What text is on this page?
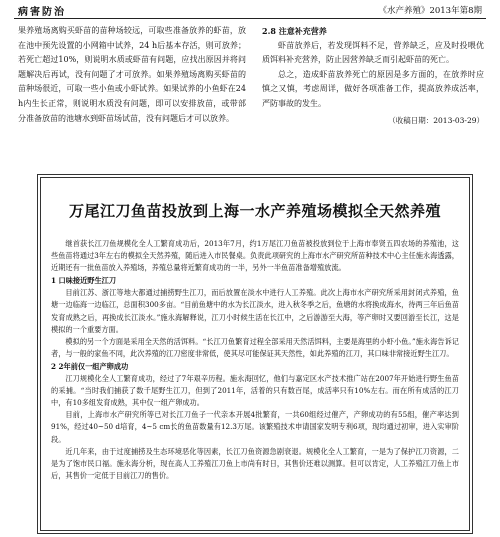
病害防治	《水产养殖》2013年第8期
果养殖场离购买虾苗的苗种场较远，可取些准备放养的虾苗，放在池中预先设置的小网箱中试养，24 h后基本存活，则可放养；若死亡超过10%，则说明水质或虾苗有问题，应找出原因并将问题解决后再试，没有问题了才可放养。如果养殖场离购买虾苗的苗种场很近，可取一些小鱼或小虾试养。如果试养的小鱼虾在24 h内生长正常，则说明水质没有问题，即可以安排放苗，或带部分准备放苗的池塘水到虾苗场试苗，没有问题后才可以放养。
2.8 注意补充营养

虾苗放养后，若发现饵料不足，营养缺乏，应及时投喂优质饵料补充营养，防止因营养缺乏而引起虾苗的死亡。

总之，造成虾苗放养死亡的原因是多方面的，在放养时应慎之又慎，考虑周详，做好各项准备工作，提高放养成活率，严防事故的发生。

（收稿日期：2013-03-29）
万尾江刀鱼苗投放到上海一水产养殖场模拟全天然养殖

继首获长江刀鱼规模化全人工繁育成功后，2013年7月，约1万尾江刀鱼苗被投放到位于上海市奉贤五四农场的养殖池，这些鱼苗将通过3年左右的模拟全天然养殖，随后进入市民餐桌。负责此项研究的上海市水产研究所苗种技术中心主任施永海透露，近期还有一批鱼苗放入养殖场，养殖总量将近繁育成功的一半，另外一半鱼苗准备增殖放流。

1 口味接近野生江刀

目前江苏、浙江等地大都通过捕捞野生江刀，而后放置在淡水中进行人工养殖。此次上海市水产研究所采用封闭式养殖，鱼塘一边临海一边临江，总面积300多亩。“目前鱼塘中的水为长江淡水，进入秋冬季之后，鱼塘的水将换成海水，待两三年后鱼苗发育成熟之后，再换成长江淡水。”施永海解释说，江刀小时候生活在长江中，之后游游至大海，等产卵时又要回游至长江，这是模拟的一个重要方面。

模拟的另一个方面是采用全天然的活饵料。“长江刀鱼繁育过程全部采用天然活饵料，主要是海里的小虾小鱼。”施永海告诉记者，与一般的家鱼不同，此次养殖的江刀密度非常低，使其尽可能保证其天然性，如此养殖的江刀，其口味非常接近野生江刀。

2 2年前仅一组产卵成功

江刀规模化全人工繁育成功，经过了7年艰辛历程。施永海回忆，他们与嘉定区水产技术推广站在2007年开始进行野生鱼苗的采捕。“当时我们捕获了数千尾野生江刀，但到了2011年，活着的只有数百尾，成活率只有10%左右。而在所有成活的江刀中，有10多组发育成熟，其中仅一组产卵成功。

目前，上海市水产研究所等已对长江刀鱼子一代亲本开展4批繁育，一共60组经过催产，产卵成功的有55组，催产率达到91%，经过40~50 d培育，4~5 cm长的鱼苗数量有12.3万尾。该繁殖技术申请国家发明专利6项，现均通过初审，进入实审阶段。

近几年来，由于过度捕捞及生态环境恶化等因素，长江刀鱼资源急剧衰退。规模化全人工繁育，一是为了保护江刀资源，二是为了饱市民口福。施永海分析，现在高人工养殖江刀鱼上市尚有时日，其售价还难以测算。但可以肯定，人工养殖江刀鱼上市后，其售价一定低于目前江刀的售价。
